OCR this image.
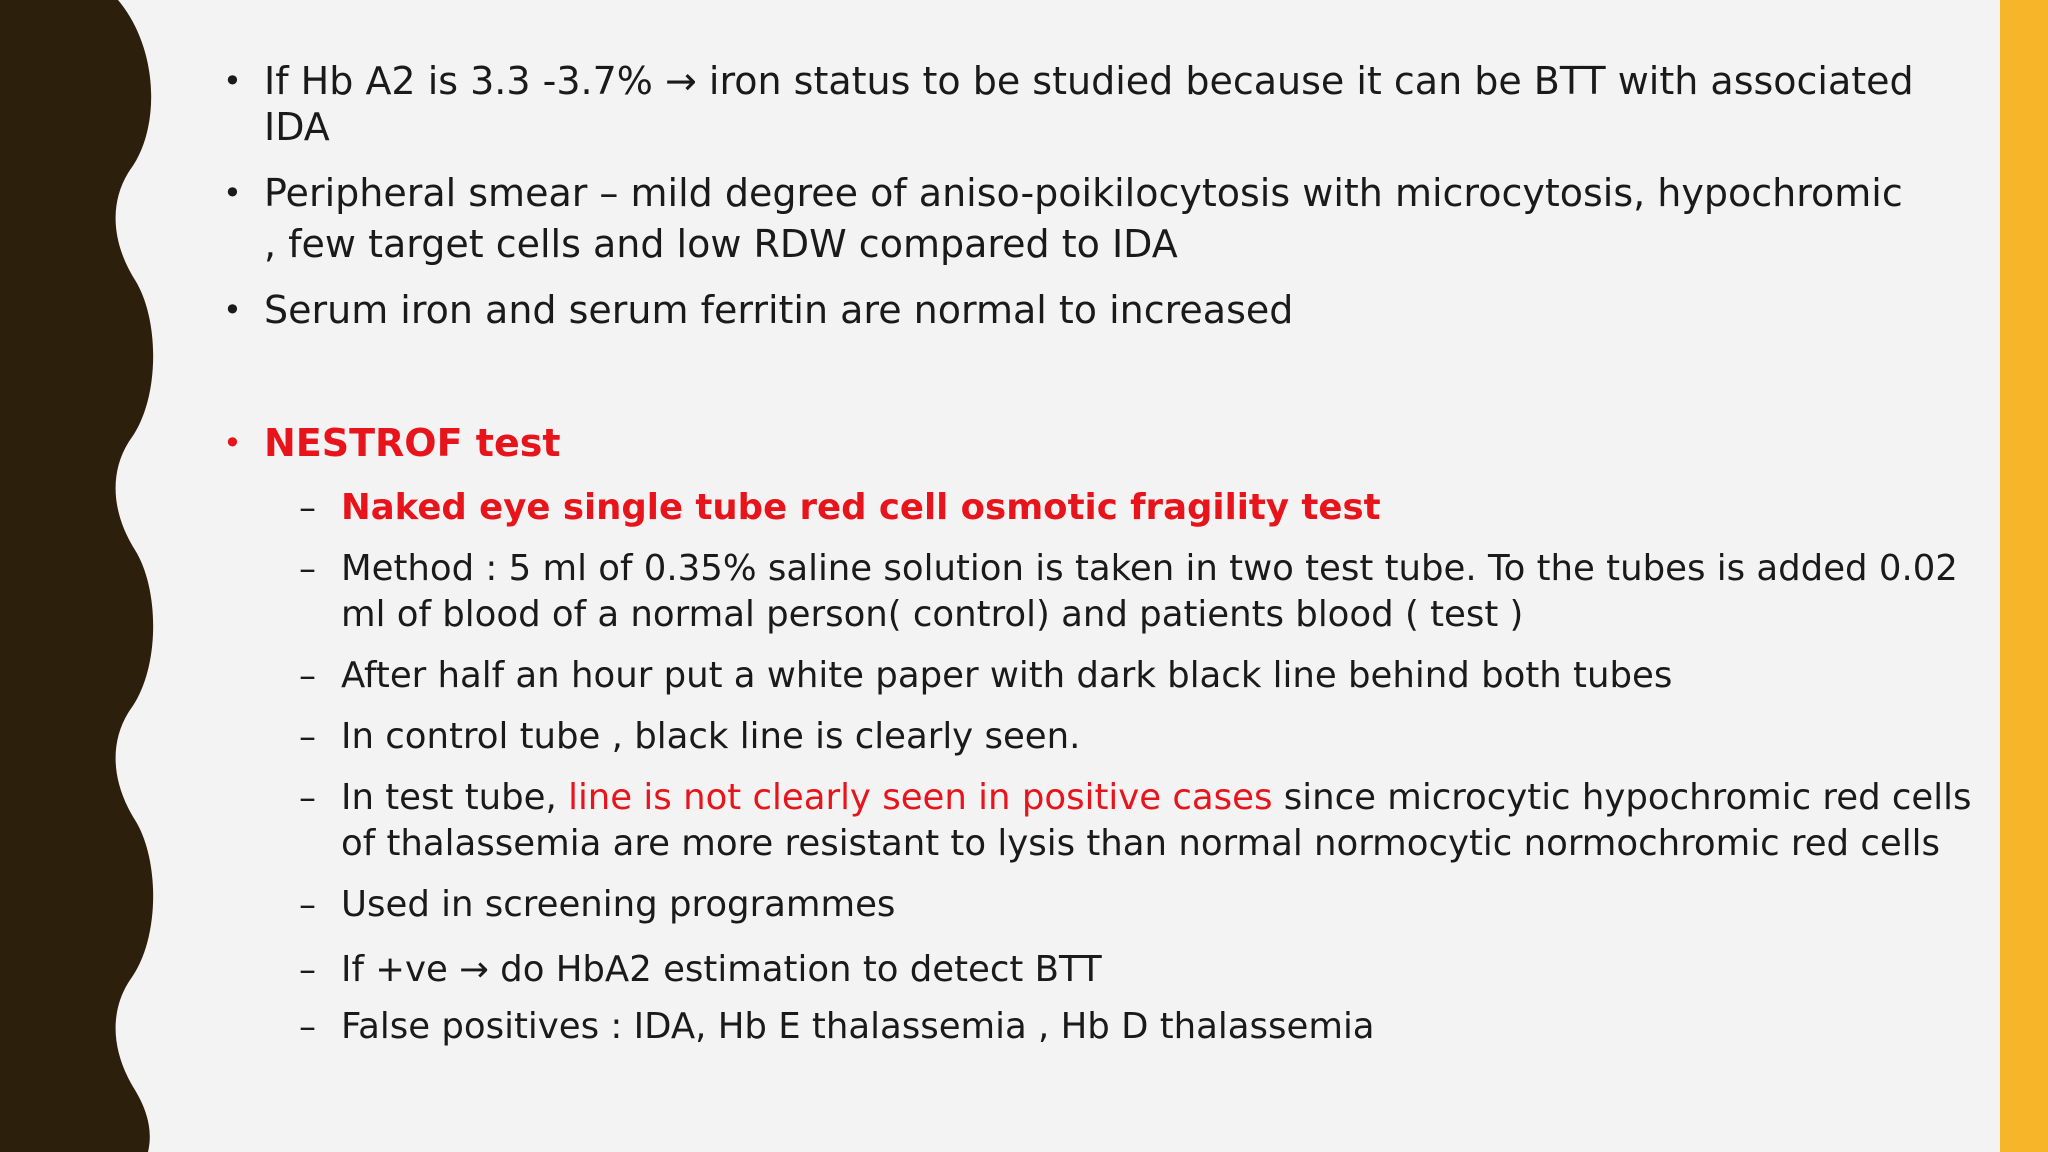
• If Hb A2 is 3.3 -3.7% → iron status to be studied because it can be BTT with associated
IDA
• Peripheral smear – mild degree of aniso-poikilocytosis with microcytosis, hypochromic
, few target cells and low RDW compared to IDA
• Serum iron and serum ferritin are normal to increased
• NESTROF test
– Naked eye single tube red cell osmotic fragility test
– Method : 5 ml of 0.35% saline solution is taken in two test tube. To the tubes is added 0.02
ml of blood of a normal person( control) and patients blood ( test )
– After half an hour put a white paper with dark black line behind both tubes
– In control tube , black line is clearly seen.
– In test tube, line is not clearly seen in positive cases since microcytic hypochromic red cells
of thalassemia are more resistant to lysis than normal normocytic normochromic red cells
– Used in screening programmes
– If +ve → do HbA2 estimation to detect BTT
– False positives : IDA, Hb E thalassemia , Hb D thalassemia
